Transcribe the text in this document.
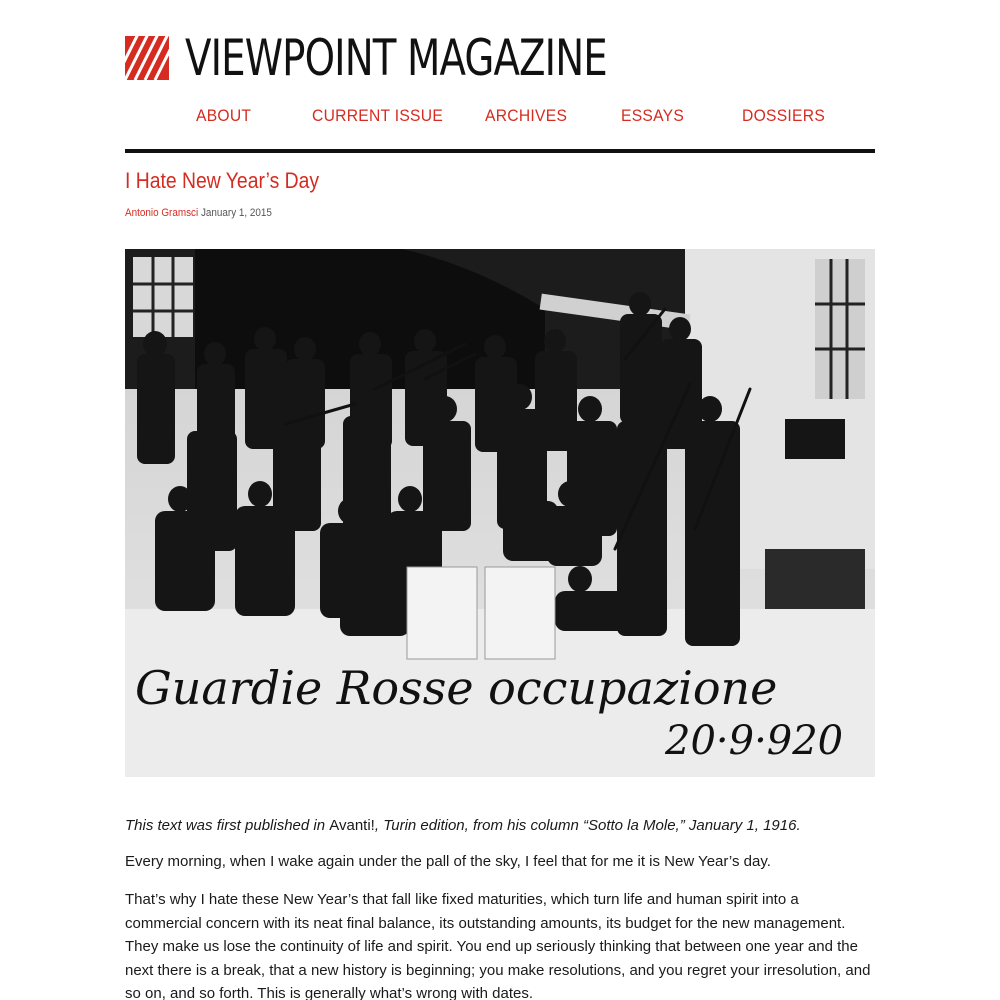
VIEWPOINT MAGAZINE
ABOUT	CURRENT ISSUE ARCHIVES	ESSAYS	DOSSIERS
I Hate New Year’s Day
Antonio Gramsci January 1, 2015
Guardie Rosse occupazione
20·9·920

This text was first published in Avanti!, Turin edition, from his column “Sotto la Mole,” January 1, 1916.

Every morning, when I wake again under the pall of the sky, I feel that for me it is New Year’s day.

That’s why I hate these New Year’s that fall like fixed maturities, which turn life and human spirit into a commercial concern with its neat final balance, its outstanding amounts, its budget for the new management. They make us lose the continuity of life and spirit. You end up seriously thinking that between one year and the next there is a break, that a new history is beginning; you make resolutions, and you regret your irresolution, and so on, and so forth. This is generally what’s wrong with dates.
